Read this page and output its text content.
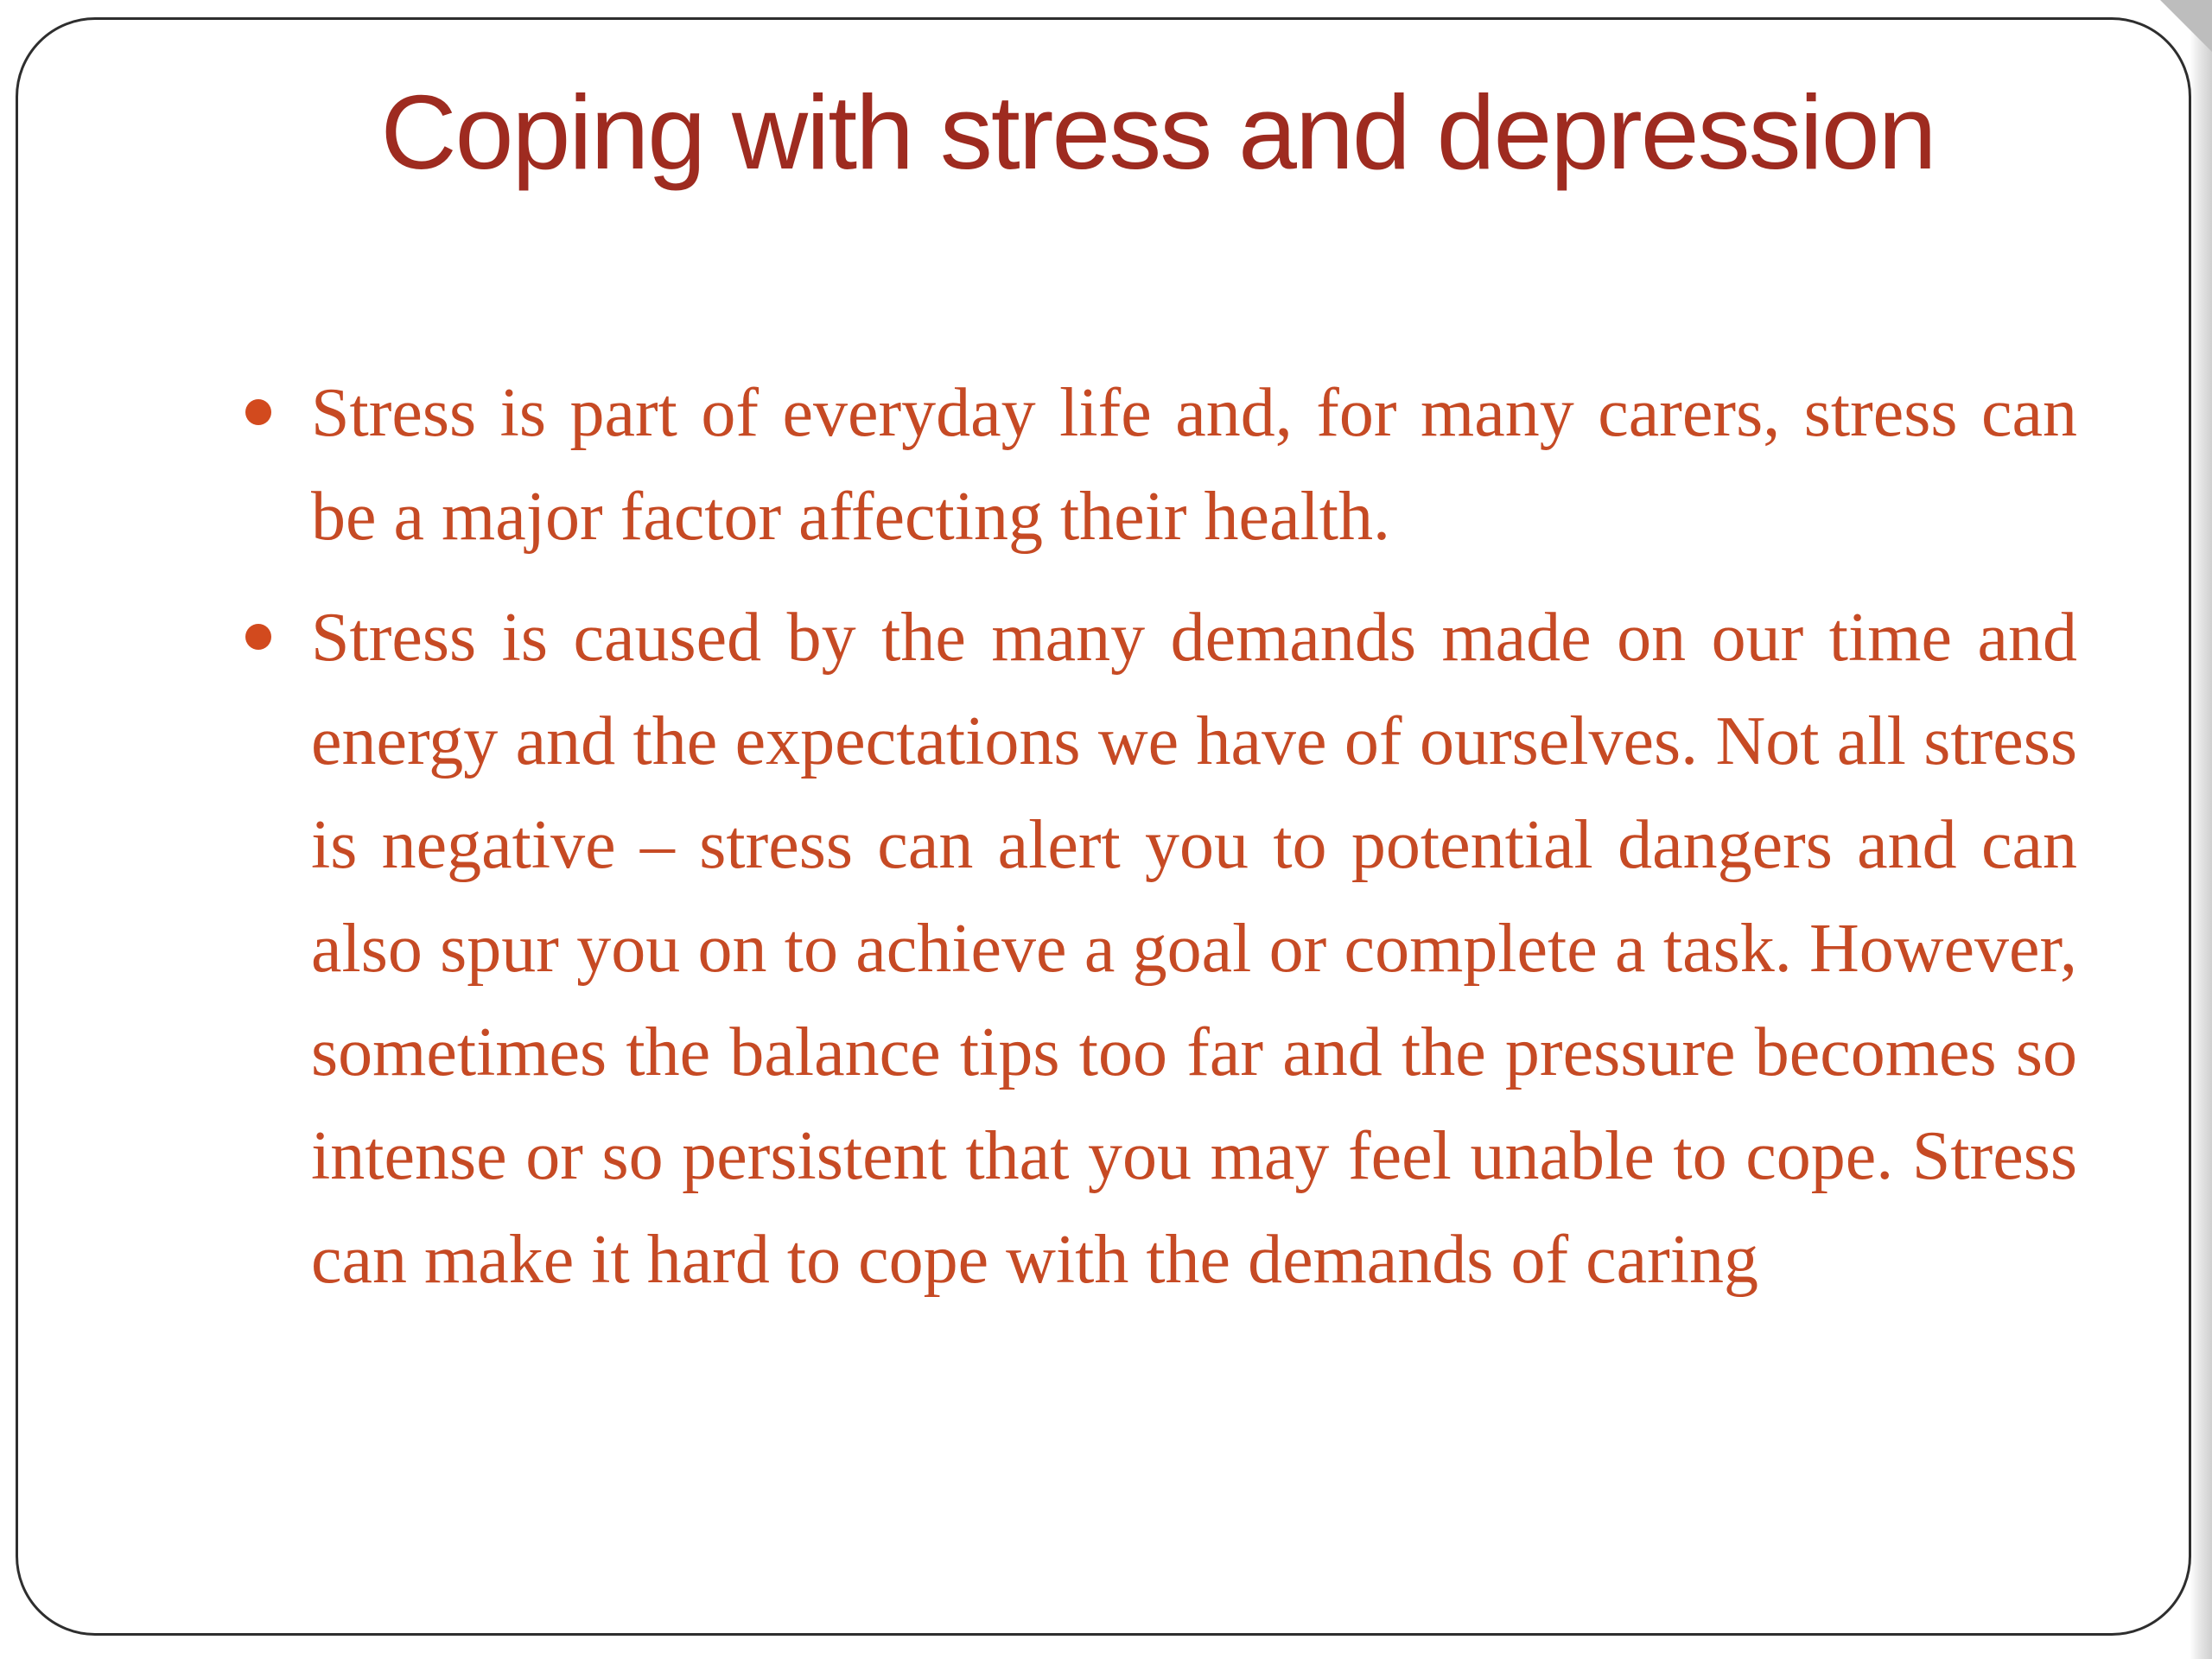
Coping with stress and depression
Stress is part of everyday life and, for many carers, stress can be a major factor affecting their health.
Stress is caused by the many demands made on our time and energy and the expectations we have of ourselves. Not all stress is negative – stress can alert you to potential dangers and can also spur you on to achieve a goal or complete a task. However, sometimes the balance tips too far and the pressure becomes so intense or so persistent that you may feel unable to cope. Stress can make it hard to cope with the demands of caring
